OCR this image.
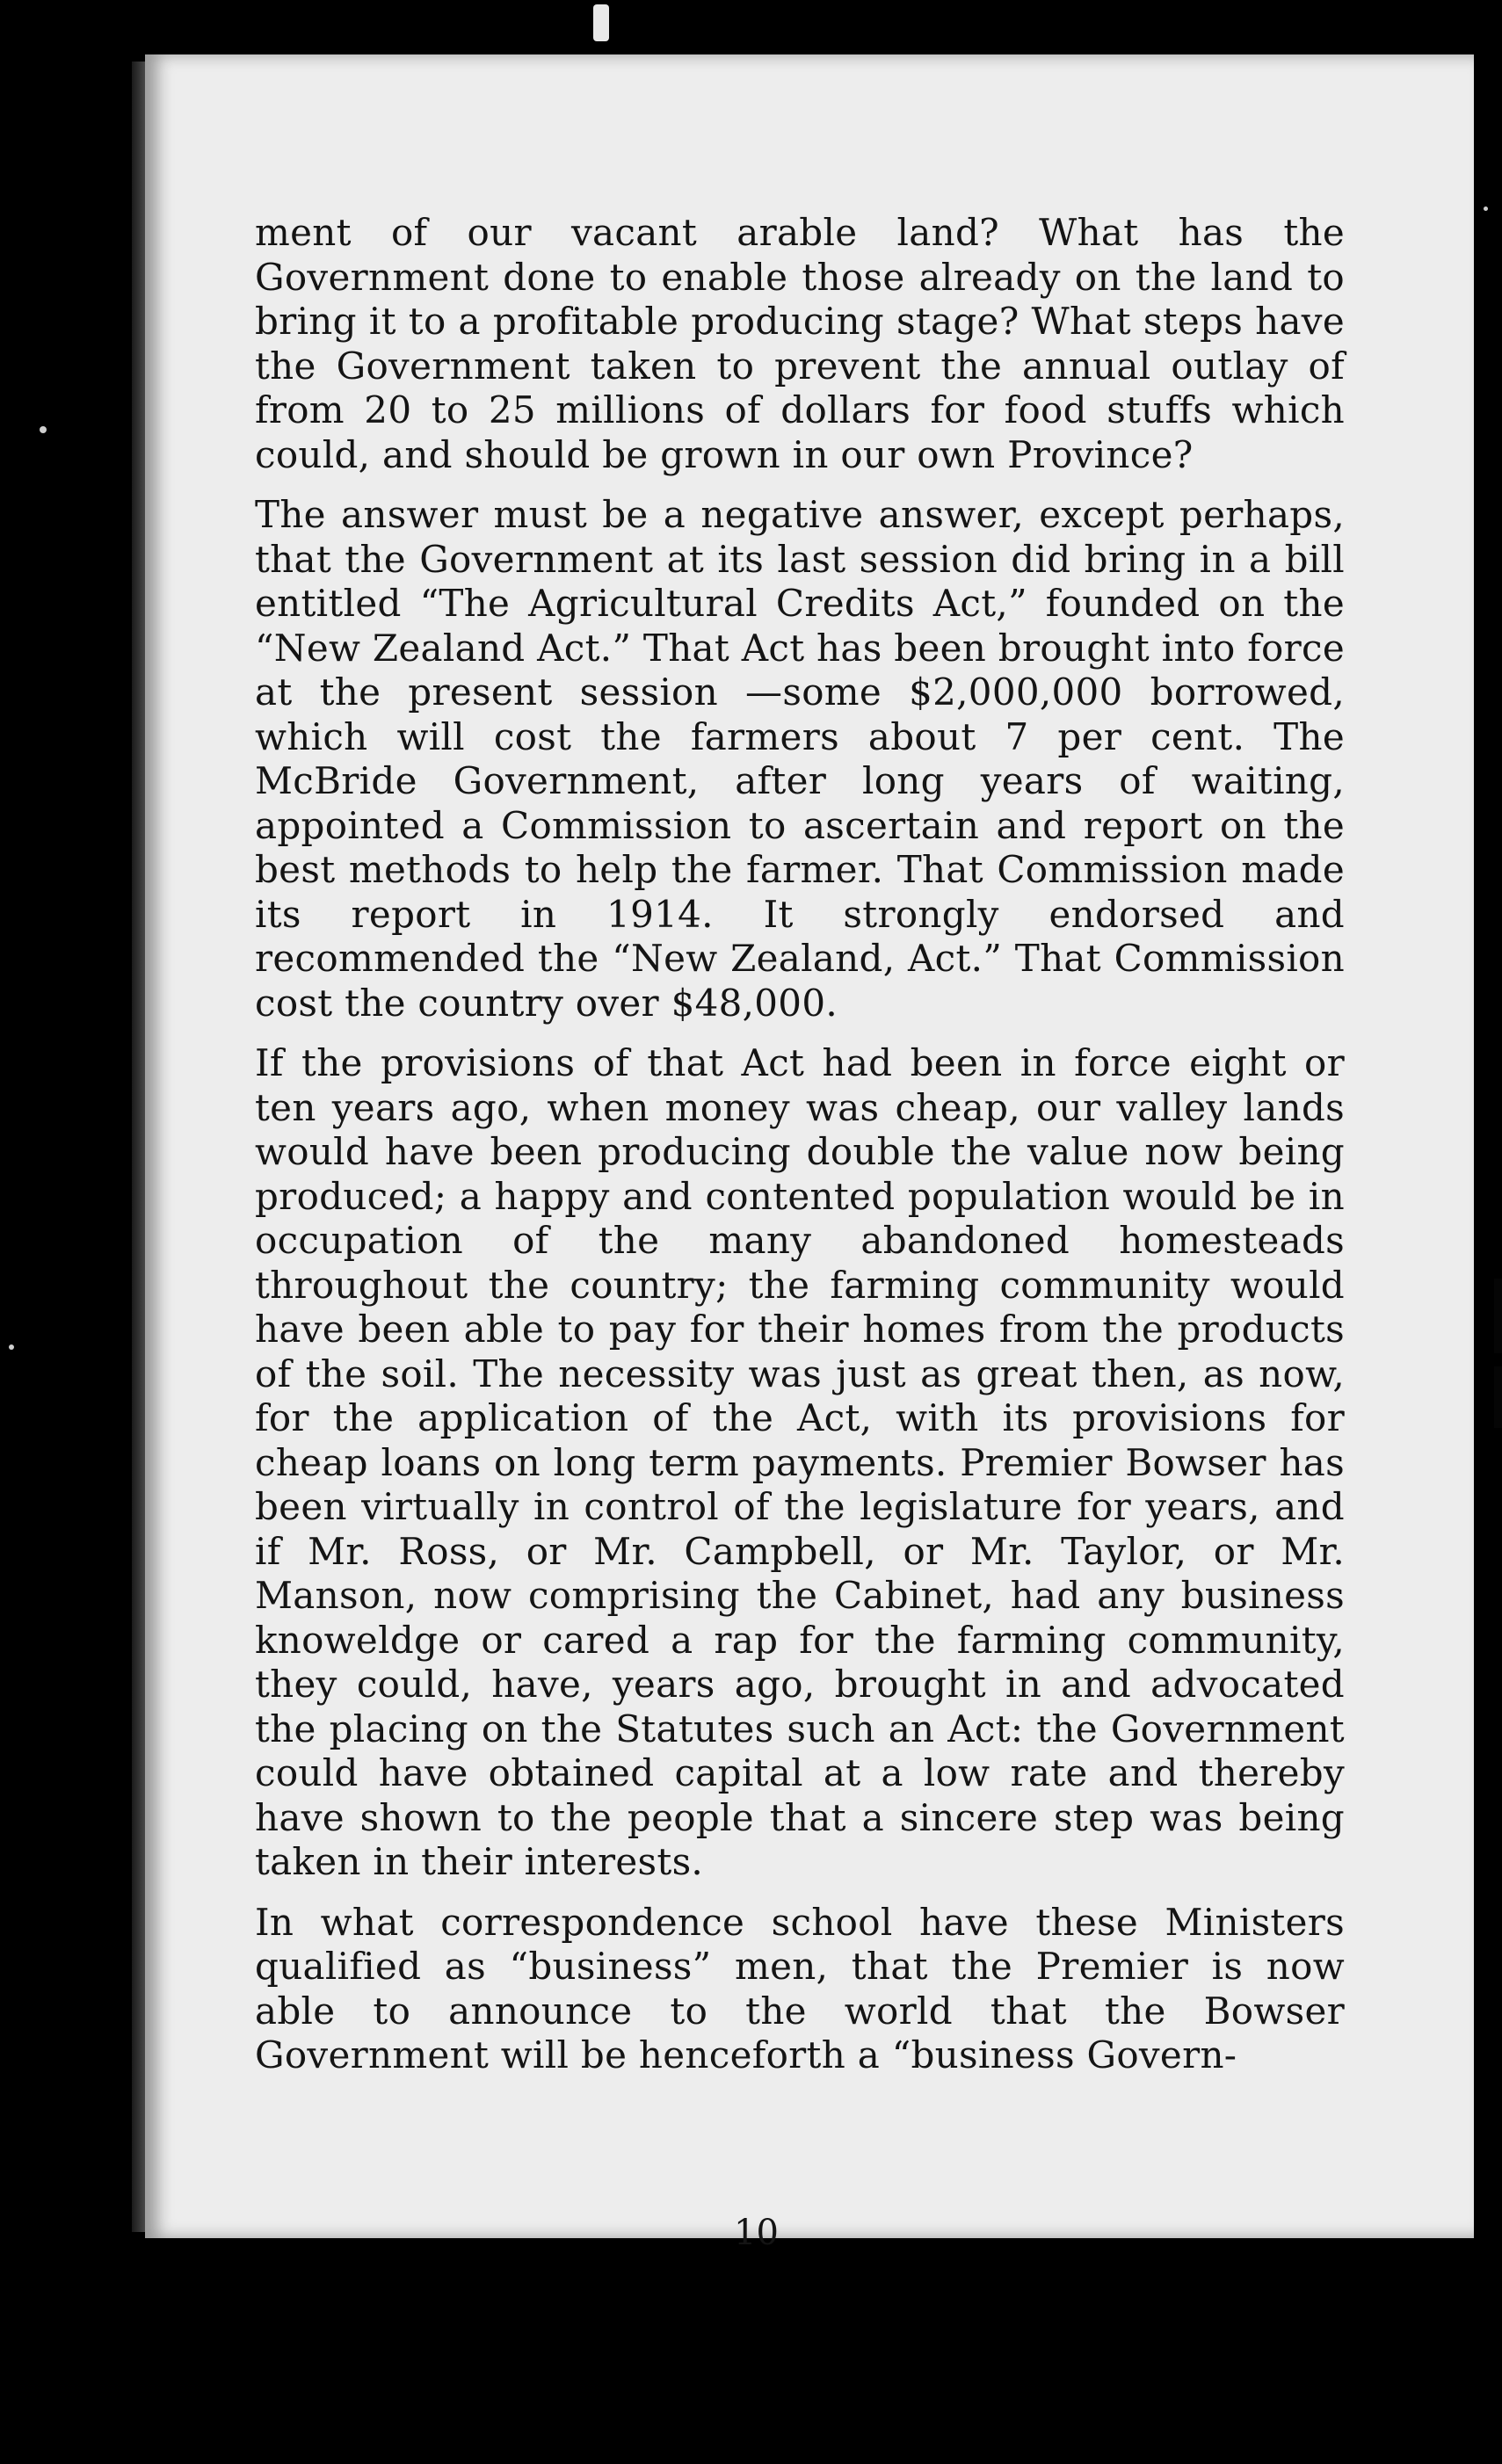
ment of our vacant arable land? What has the Government done to enable those already on the land to bring it to a profitable producing stage? What steps have the Government taken to prevent the annual outlay of from 20 to 25 millions of dollars for food stuffs which could, and should be grown in our own Province?

The answer must be a negative answer, except perhaps, that the Government at its last session did bring in a bill entitled “The Agricultural Credits Act,” founded on the “New Zealand Act.” That Act has been brought into force at the present session —some $2,000,000 borrowed, which will cost the farmers about 7 per cent. The McBride Government, after long years of waiting, appointed a Commission to ascertain and report on the best methods to help the farmer. That Commission made its report in 1914. It strongly endorsed and recommended the “New Zealand, Act.” That Commission cost the country over $48,000.

If the provisions of that Act had been in force eight or ten years ago, when money was cheap, our valley lands would have been producing double the value now being produced; a happy and contented population would be in occupation of the many abandoned homesteads throughout the country; the farming community would have been able to pay for their homes from the products of the soil. The necessity was just as great then, as now, for the application of the Act, with its provisions for cheap loans on long term payments. Premier Bowser has been virtually in control of the legislature for years, and if Mr. Ross, or Mr. Campbell, or Mr. Taylor, or Mr. Manson, now comprising the Cabinet, had any business knoweldge or cared a rap for the farming community, they could, have, years ago, brought in and advocated the placing on the Statutes such an Act: the Government could have obtained capital at a low rate and thereby have shown to the people that a sincere step was being taken in their interests.

In what correspondence school have these Ministers qualified as “business” men, that the Premier is now able to announce to the world that the Bowser Government will be henceforth a “business Govern-

10
